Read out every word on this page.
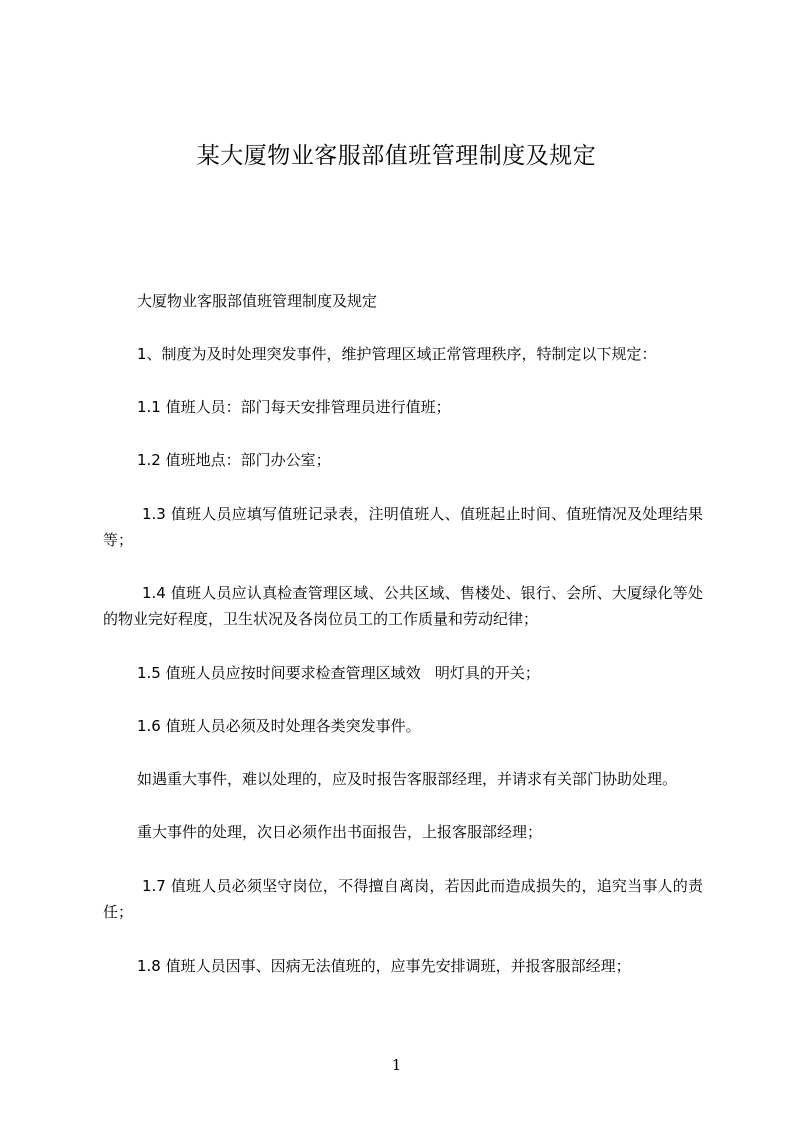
某大厦物业客服部值班管理制度及规定
大厦物业客服部值班管理制度及规定
1、制度为及时处理突发事件，维护管理区域正常管理秩序，特制定以下规定：
1.1 值班人员：部门每天安排管理员进行值班；
1.2 值班地点：部门办公室；
1.3 值班人员应填写值班记录表，注明值班人、值班起止时间、值班情况及处理结果等；
1.4 值班人员应认真检查管理区域、公共区域、售楼处、银行、会所、大厦绿化等处的物业完好程度，卫生状况及各岗位员工的工作质量和劳动纪律；
1.5 值班人员应按时间要求检查管理区域效   明灯具的开关；
1.6 值班人员必须及时处理各类突发事件。
如遇重大事件，难以处理的，应及时报告客服部经理，并请求有关部门协助处理。
重大事件的处理，次日必须作出书面报告，上报客服部经理；
1.7 值班人员必须坚守岗位，不得擅自离岗，若因此而造成损失的，追究当事人的责任；
1.8 值班人员因事、因病无法值班的，应事先安排调班，并报客服部经理；
1
